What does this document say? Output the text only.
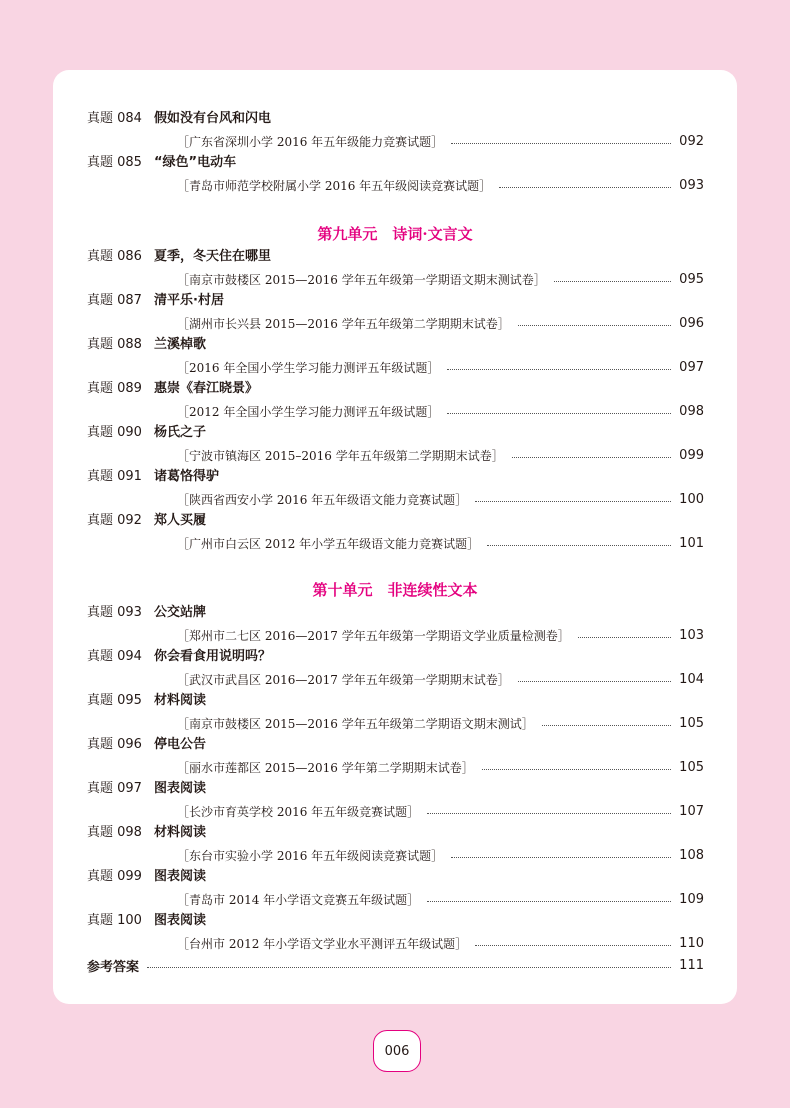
真题 084 假如没有台风和闪电
［广东省深圳小学 2016 年五年级能力竞赛试题］	092
真题 085 “绿色”电动车
［青岛市师范学校附属小学 2016 年五年级阅读竞赛试题］	093
第九单元　诗词·文言文
真题 086 夏季，冬天住在哪里
［南京市鼓楼区 2015—2016 学年五年级第一学期语文期末测试卷］	095
真题 087 清平乐·村居
［湖州市长兴县 2015—2016 学年五年级第二学期期末试卷］	096
真题 088 兰溪棹歌
［2016 年全国小学生学习能力测评五年级试题］	097
真题 089 惠崇《春江晓景》
［2012 年全国小学生学习能力测评五年级试题］	098
真题 090 杨氏之子
［宁波市镇海区 2015–2016 学年五年级第二学期期末试卷］	099
真题 091 诸葛恪得驴
［陕西省西安小学 2016 年五年级语文能力竞赛试题］	100
真题 092 郑人买履
［广州市白云区 2012 年小学五年级语文能力竞赛试题］	101
第十单元　非连续性文本
真题 093 公交站牌
［郑州市二七区 2016—2017 学年五年级第一学期语文学业质量检测卷］	103
真题 094 你会看食用说明吗？
［武汉市武昌区 2016—2017 学年五年级第一学期期末试卷］	104
真题 095 材料阅读
［南京市鼓楼区 2015—2016 学年五年级第二学期语文期末测试］	105
真题 096 停电公告
［丽水市莲都区 2015—2016 学年第二学期期末试卷］	105
真题 097 图表阅读
［长沙市育英学校 2016 年五年级竞赛试题］	107
真题 098 材料阅读
［东台市实验小学 2016 年五年级阅读竞赛试题］	108
真题 099 图表阅读
［青岛市 2014 年小学语文竞赛五年级试题］	109
真题 100 图表阅读
［台州市 2012 年小学语文学业水平测评五年级试题］	110
参考答案	111
006
